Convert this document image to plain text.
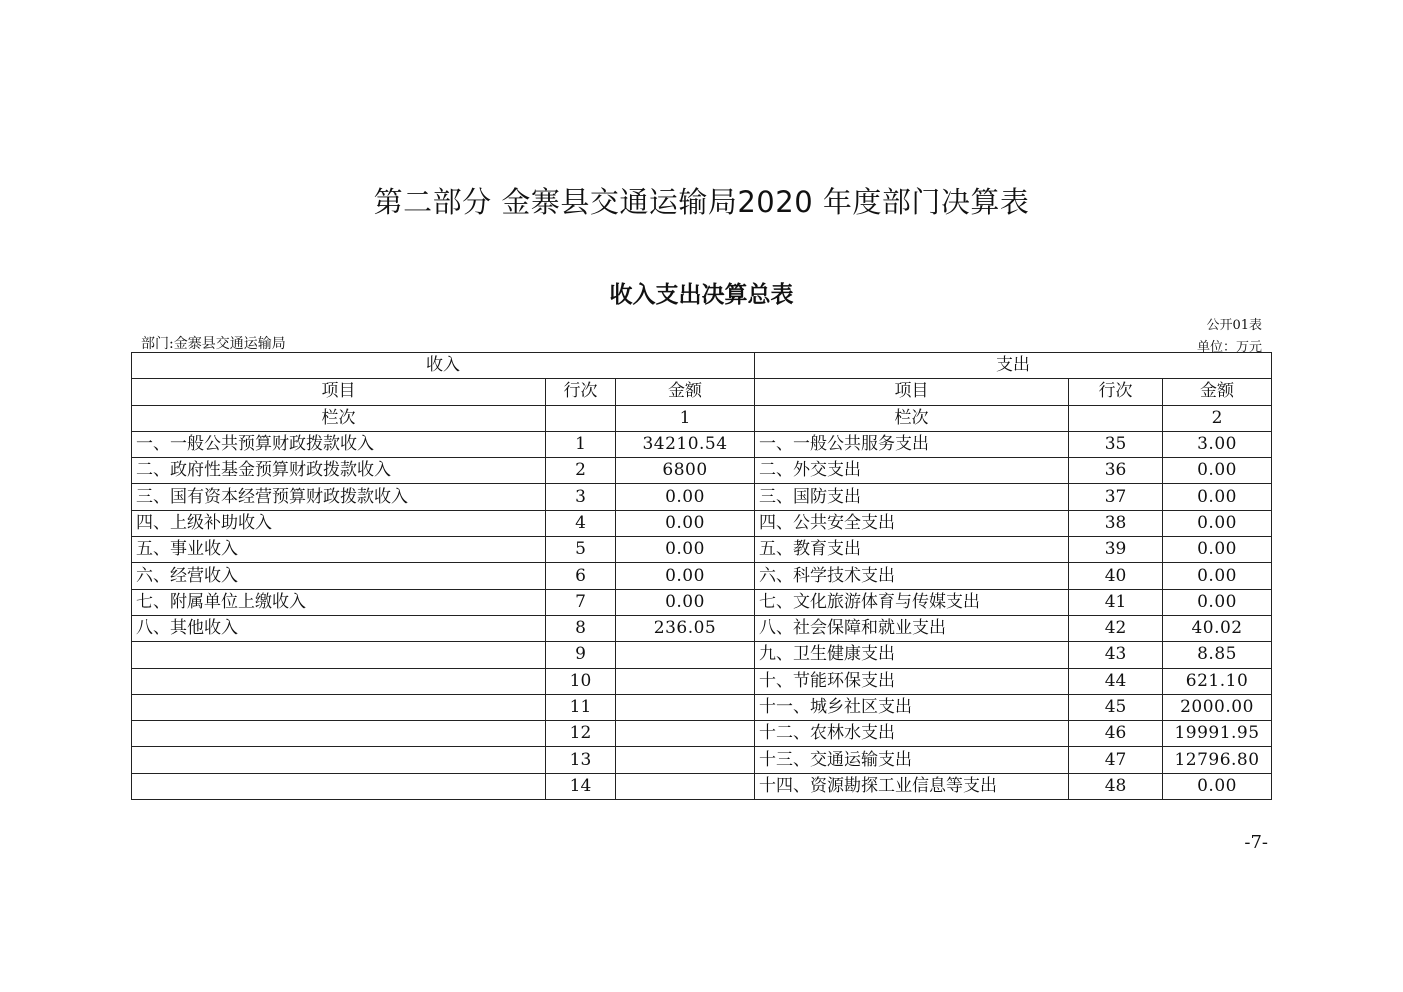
第二部分 金寨县交通运输局2020 年度部门决算表
收入支出决算总表
公开01表
部门:金寨县交通运输局	单位：万元
收入			支出		
项目	行次	金额	项目	行次	金额
栏次		1	栏次		2
一、一般公共预算财政拨款收入	1	34210.54	一、一般公共服务支出	35	3.00
二、政府性基金预算财政拨款收入	2	6800	二、外交支出	36	0.00
三、国有资本经营预算财政拨款收入	3	0.00	三、国防支出	37	0.00
四、上级补助收入	4	0.00	四、公共安全支出	38	0.00
五、事业收入	5	0.00	五、教育支出	39	0.00
六、经营收入	6	0.00	六、科学技术支出	40	0.00
七、附属单位上缴收入	7	0.00	七、文化旅游体育与传媒支出	41	0.00
八、其他收入	8	236.05	八、社会保障和就业支出	42	40.02
	9		九、卫生健康支出	43	8.85
	10		十、节能环保支出	44	621.10
	11		十一、城乡社区支出	45	2000.00
	12		十二、农林水支出	46	19991.95
	13		十三、交通运输支出	47	12796.80
	14		十四、资源勘探工业信息等支出	48	0.00
-7-
